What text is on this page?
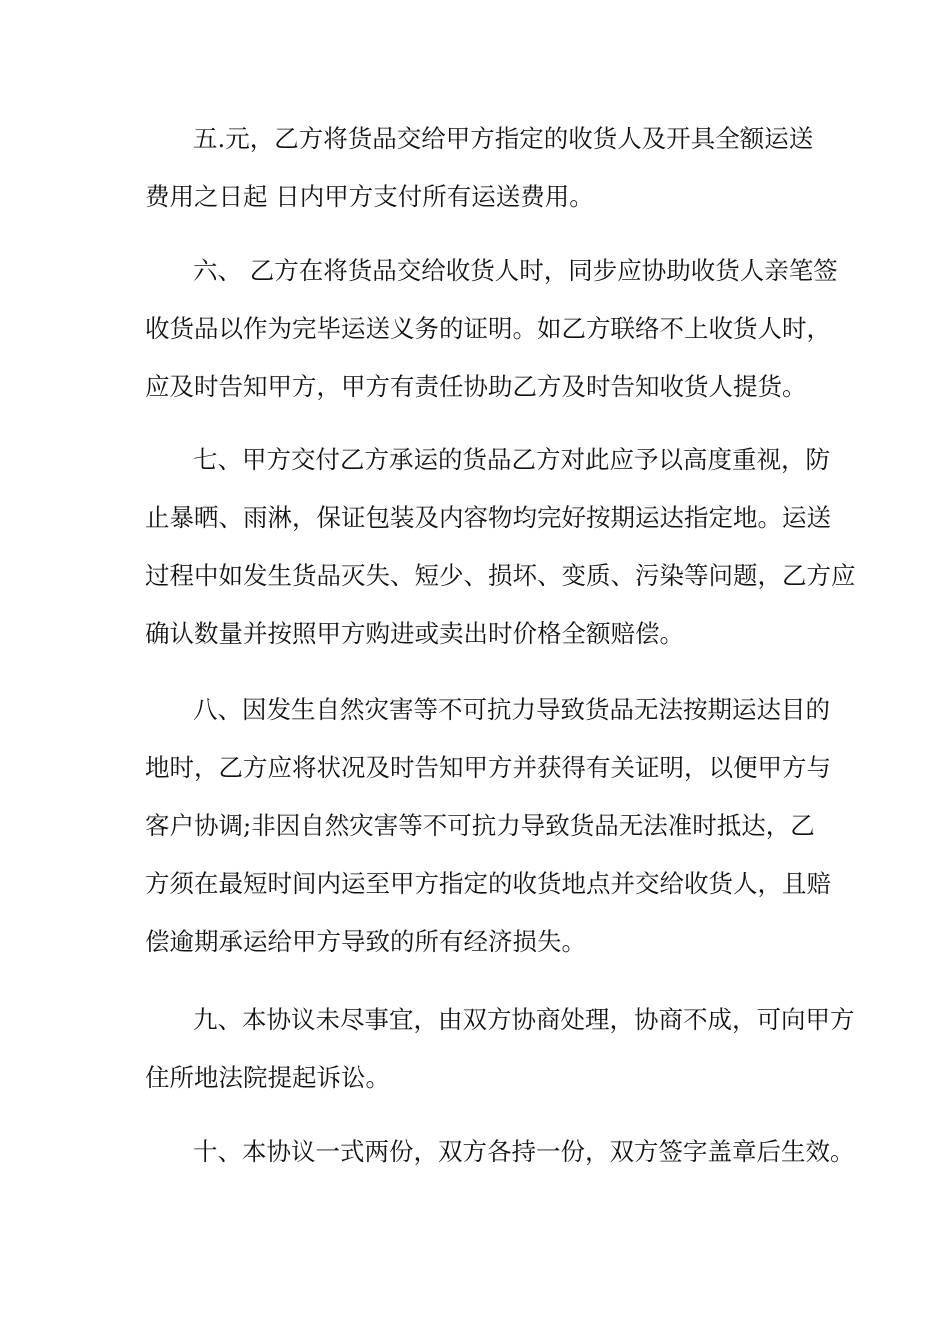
五.元，乙方将货品交给甲方指定的收货人及开具全额运送
费用之日起 日内甲方支付所有运送费用。
六、 乙方在将货品交给收货人时，同步应协助收货人亲笔签
收货品以作为完毕运送义务的证明。如乙方联络不上收货人时，
应及时告知甲方，甲方有责任协助乙方及时告知收货人提货。
七、甲方交付乙方承运的货品乙方对此应予以高度重视，防
止暴晒、雨淋，保证包装及内容物均完好按期运达指定地。运送
过程中如发生货品灭失、短少、损坏、变质、污染等问题，乙方应
确认数量并按照甲方购进或卖出时价格全额赔偿。
八、因发生自然灾害等不可抗力导致货品无法按期运达目的
地时，乙方应将状况及时告知甲方并获得有关证明，以便甲方与
客户协调;非因自然灾害等不可抗力导致货品无法准时抵达，乙
方须在最短时间内运至甲方指定的收货地点并交给收货人，且赔
偿逾期承运给甲方导致的所有经济损失。
九、本协议未尽事宜，由双方协商处理，协商不成，可向甲方
住所地法院提起诉讼。
十、本协议一式两份，双方各持一份，双方签字盖章后生效。
